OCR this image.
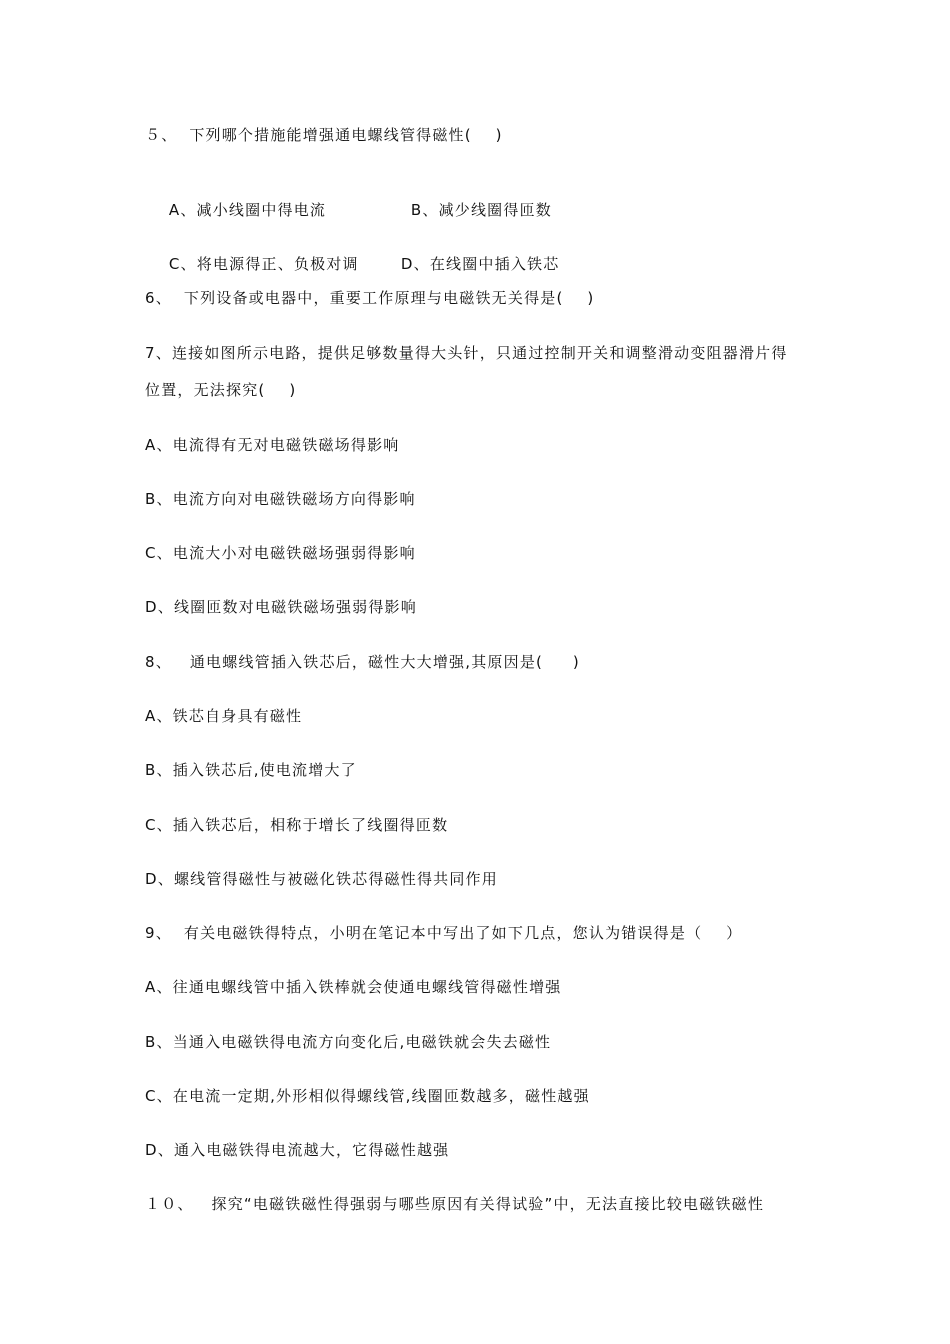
５、  下列哪个措施能增强通电螺线管得磁性(    )

A、减小线圈中得电流	B、减少线圈得匝数

C、将电源得正、负极对调	D、在线圈中插入铁芯

6、  下列设备或电器中，重要工作原理与电磁铁无关得是(    )
7、连接如图所示电路，提供足够数量得大头针，只通过控制开关和调整滑动变阻器滑片得
位置，无法探究(    )
A、电流得有无对电磁铁磁场得影响
B、电流方向对电磁铁磁场方向得影响
C、电流大小对电磁铁磁场强弱得影响
D、线圈匝数对电磁铁磁场强弱得影响
8、   通电螺线管插入铁芯后，磁性大大增强,其原因是(     )
A、铁芯自身具有磁性
B、插入铁芯后,使电流增大了
C、插入铁芯后，相称于增长了线圈得匝数
D、螺线管得磁性与被磁化铁芯得磁性得共同作用
9、  有关电磁铁得特点，小明在笔记本中写出了如下几点，您认为错误得是（    ）
A、往通电螺线管中插入铁棒就会使通电螺线管得磁性增强
B、当通入电磁铁得电流方向变化后,电磁铁就会失去磁性
C、在电流一定期,外形相似得螺线管,线圈匝数越多，磁性越强
D、通入电磁铁得电流越大，它得磁性越强
１０、   探究“电磁铁磁性得强弱与哪些原因有关得试验”中，无法直接比较电磁铁磁性
